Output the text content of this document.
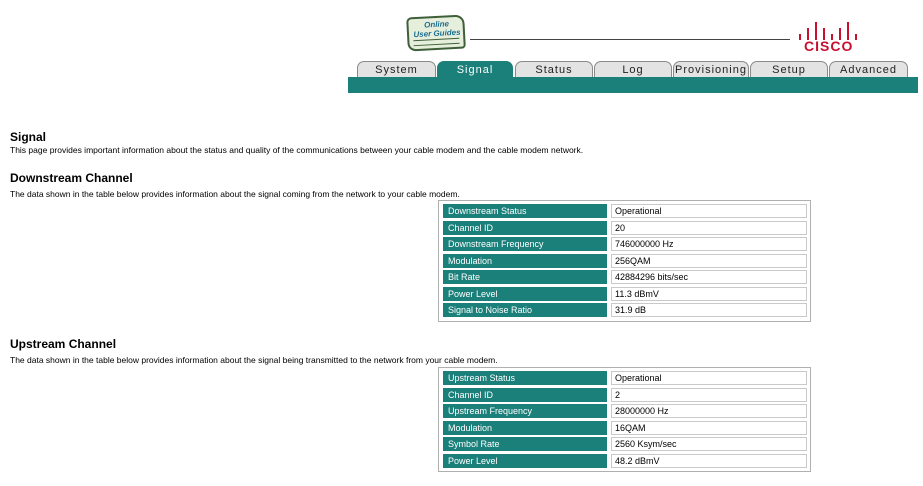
Online
User Guides
CISCO
System	Signal	Status	Log	Provisioning	Setup	Advanced
Signal
This page provides important information about the status and quality of the communications between your cable modem and the cable modem network.
Downstream Channel
The data shown in the table below provides information about the signal coming from the network to your cable modem.
Downstream Status	Operational
Channel ID	20
Downstream Frequency	746000000 Hz
Modulation	256QAM
Bit Rate	42884296 bits/sec
Power Level	11.3 dBmV
Signal to Noise Ratio	31.9 dB
Upstream Channel
The data shown in the table below provides information about the signal being transmitted to the network from your cable modem.
Upstream Status	Operational
Channel ID	2
Upstream Frequency	28000000 Hz
Modulation	16QAM
Symbol Rate	2560 Ksym/sec
Power Level	48.2 dBmV
